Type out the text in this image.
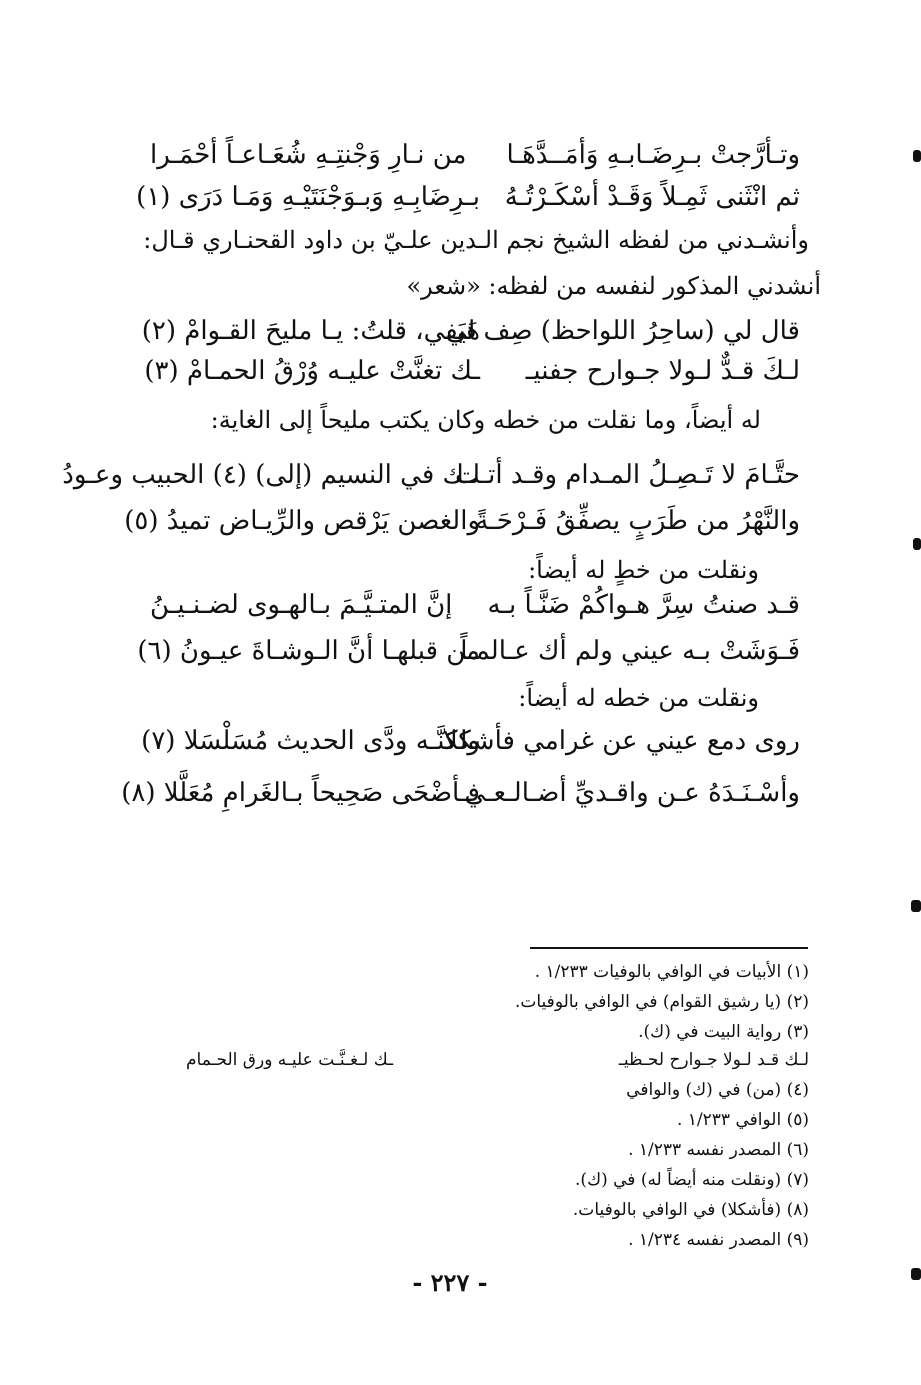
وتـأرَّجتْ بـرِضَـابـهِ وَأمَــدَّهَـا
من نـارِ وَجْنتِـهِ شُعَـاعـاً أحْمَـرا
ثم انْثَنى ثَمِـلاً وَقَـدْ أسْكَـرْتُـهُ
بـرِضَابِـهِ وَبـوَجْنَتَيْـهِ وَمَـا دَرَى (١)
وأنشـدني من لفظه الشيخ نجم الـدين علـيّ بن داود القحنـاري قـال:
أنشدني المذكور لنفسه من لفظه: «شعر»
قال لي (ساحِرُ اللواحظ) صِف لي
هَيَفي، قلتُ: يـا مليحَ القـوامْ (٢)
لـكَ قـدٌّ لـولا جـوارح جفنيـ
ـك تغنَّتْ عليـه وُرْقُ الحمـامْ (٣)
له أيضاً، وما نقلت من خطه وكان يكتب مليحاً إلى الغاية:
حتَّـامَ لا تَـصِـلُ المـدام وقـد أتـت
لـك في النسيم (إلى) (٤) الحبيب وعـودُ
والنَّهْرُ من طَرَبٍ يصفِّقُ فَـرْحَـةً
والغصن يَرْقص والرِّيـاض تميدُ (٥)
ونقلت من خطٍ له أيضاً:
قـد صنتُ سِرَّ هـواكُمْ ضَنَّـاً بـه
إنَّ المتـيَّـمَ بـالهـوى لضـنـيـنُ
فَـوَشَتْ بـه عيني ولم أك عـالمـاً
من قبلهـا أنَّ الـوشـاةَ عيـونُ (٦)
ونقلت من خطه له أيضاً:
روى دمع عيني عن غرامي فأشكلا
ولكنَّـه ودَّى الحديث مُسَلْسَلا (٧)
وأسْـنَـدَهُ عـن واقـديِّ أضـالـعـي
فـأضْحَى صَحِيحاً بـالغَرامِ مُعَلَّلا (٨)
(١) الأبيات في الوافي بالوفيات ١/٢٣٣ .
(٢) (يا رشيق القوام) في الوافي بالوفيات.
(٣) رواية البيت في (ك).
لـك قـد لـولا جـوارح لحـظيـ
ـك لـغـنَّـت عليـه ورق الحـمام
(٤) (من) في (ك) والوافي
(٥) الوافي ١/٢٣٣ .
(٦) المصدر نفسه ١/٢٣٣ .
(٧) (ونقلت منه أيضاً له) في (ك).
(٨) (فأشكلا) في الوافي بالوفيات.
(٩) المصدر نفسه ١/٢٣٤ .
- ٢٢٧ -
